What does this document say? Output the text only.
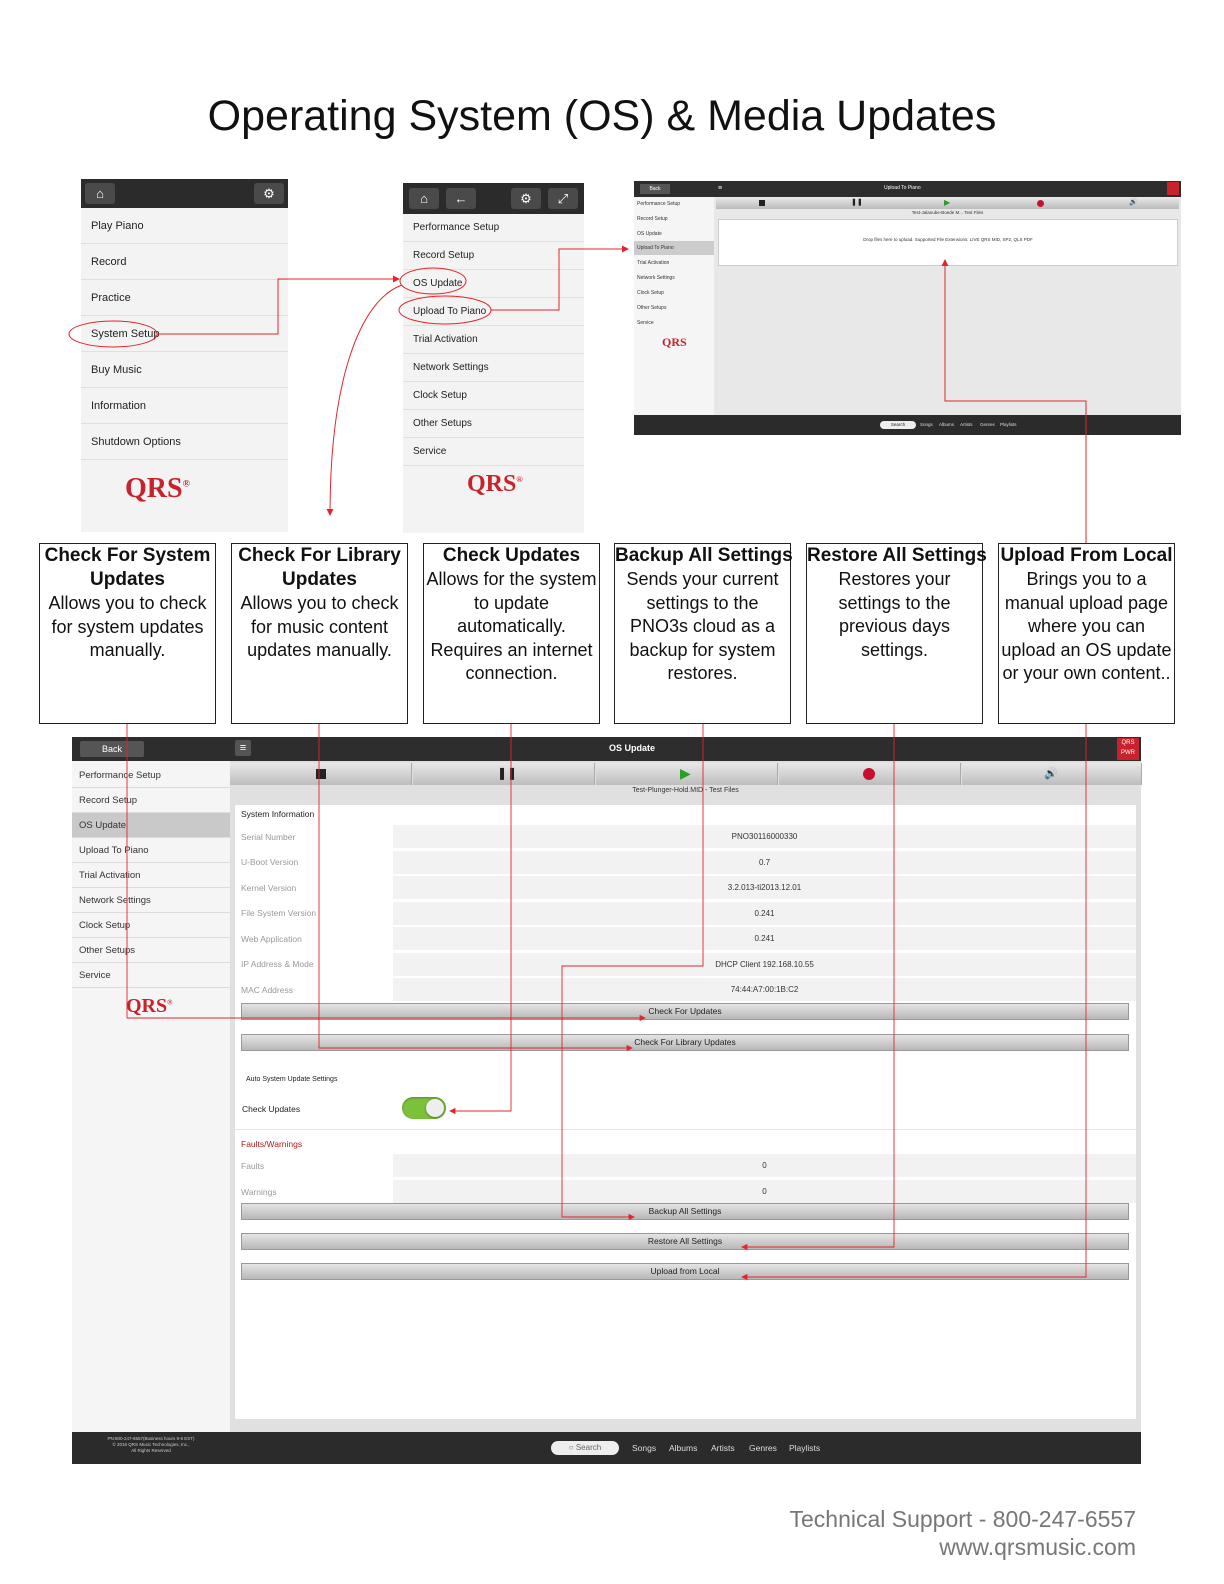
Operating System (OS) & Media Updates
⌂	⚙
Play Piano
Record
Practice
System Setup
Buy Music
Information
Shutdown Options
QRS®
⌂	←	⚙	⤢
Performance Setup
Record Setup
OS Update
Upload To Piano
Trial Activation
Network Settings
Clock Setup
Other Setups
Service
QRS®
Back	≡	Upload To Piano
Performance Setup
Record Setup
OS Update
Upload To Piano
Trial Activation
Network Settings
Clock Setup
Other Setups
Service
QRS
❚❚	▶	🔊
Test-Jalanube-Boede M... Test Files
Drop files here to upload. Supported File Extensions: LIVE QRS MID, SP2, QLS PDF
Search	Songs Albums Artists Genres Playlists
Check For System Updates
Allows you to check for system updates manually.
Check For Library Updates
Allows you to check for music content updates manually.
Check Updates
Allows for the system to update automatically. Requires an internet connection.
Backup All Settings
Sends your current settings to the PNO3s cloud as a backup for system restores.
Restore All Settings
Restores your settings to the previous days settings.
Upload From Local
Brings you to a manual upload page where you can upload an OS update or your own content..
Back	≡	OS Update	QRS
PWR
Performance Setup
Record Setup
OS Update
Upload To Piano
Trial Activation
Network Settings
Clock Setup
Other Setups
Service
QRS®
❚❚	▶	🔊
Test-Plunger-Hold.MID - Test Files
System Information
Serial Number	PNO30116000330
U-Boot Version	0.7
Kernel Version	3.2.013-ti2013.12.01
File System Version	0.241
Web Application	0.241
IP Address & Mode	DHCP Client 192.168.10.55
MAC Address	74:44:A7:00:1B:C2
Check For Updates
Check For Library Updates
Auto System Update Settings
Check Updates
Faults/Warnings
Faults	0
Warnings	0
Backup All Settings
Restore All Settings
Upload from Local
PN:800-247-6557(Business hours 9-5 EST)
© 2016 QRS Music Technologies, Inc.,
All Rights Reserved	○ Search	Songs Albums Artists Genres Playlists
Technical Support - 800-247-6557
www.qrsmusic.com
